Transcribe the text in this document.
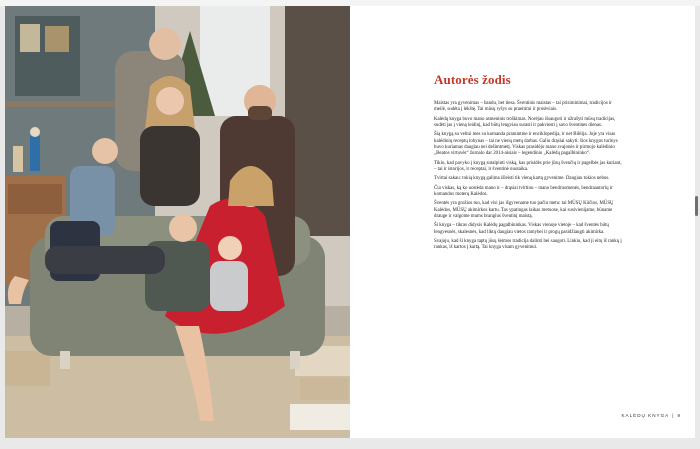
Autorės žodis

Maistas yra gyvenimas – bandu, bet tiesa. Šventinis maistas – tai prisiminimai, tradicijos ir meilė, sudėta į lėkštę. Tai mūsų ryšys su praeitimi ir protėviais.

Kalėdų knyga buvo mano asmeninis troškimas. Norėjau išsaugoti ir užrašyti mūsų tradicijas, sudėti jas į vieną leidinį, kad būtų lengviau surasti ir pakviesti į savo šventines dienas.

Šią knygą su veltui mes su komanda pramintme ir enciklopedija, ir net Biblija. Joje yra visas kalėdinių receptų lobynas – tai ne vienų metų darbas. Galiu drąsiai sakyti: šios knygos turinys buvo kuriamas daugiau nei dešimtmetį. Viskas prasidėjo mano svajonės ir pirmojo kalėdinio „Beatos virtuvės“ žurnalo dar 2014-aisiais – legendinio „Kalėdų pagalbininko“.

Tikiu, kad pavyko į knygą sutalpinti viską, kas prisidės prie jūsų švenčių ir pagelbės jas kuriant, – tai ir istorijos, ir receptai, ir šventinė nuotaika.

Tvirtai sakau: tokią knygą galima išleisti tik vieną kartą gyvenime. Daugiau tokios nebus.

Čia viskas, ką ko uostėda mano ir – drąsiai tvirtinu – mano bendruomenės, bendraautorių ir komandos moterų Kalėdos.

Šventės yra grožios tuo, kad visi jas išgyvename tuo pačiu metu: tai MŪSŲ Kūčios, MŪSŲ Kalėdos, MŪSŲ akimirkos kartu. Tas ypatingas laikas metuose, kai susivienijame, būname drauge ir valgome mums brangius šventinį maistą.

Ši knyga – tikras didysis Kalėdų pagalbininkas. Viskas vienoje vietoje – kad šventės būtų lengvesnės, skalesnės, kad liktų daugiau vietos ramybei ir progų pasidžiaugti akimirka.

Svajoju, kad ši knyga taptų jūsų šeimos tradicija dalinti bei saugoti. Linkiu, kad ji eitų iš rankų į rankas, iš kartos į kartą. Tai knyga visam gyvenimui.

KALĖDŲ KNYGA | 9
